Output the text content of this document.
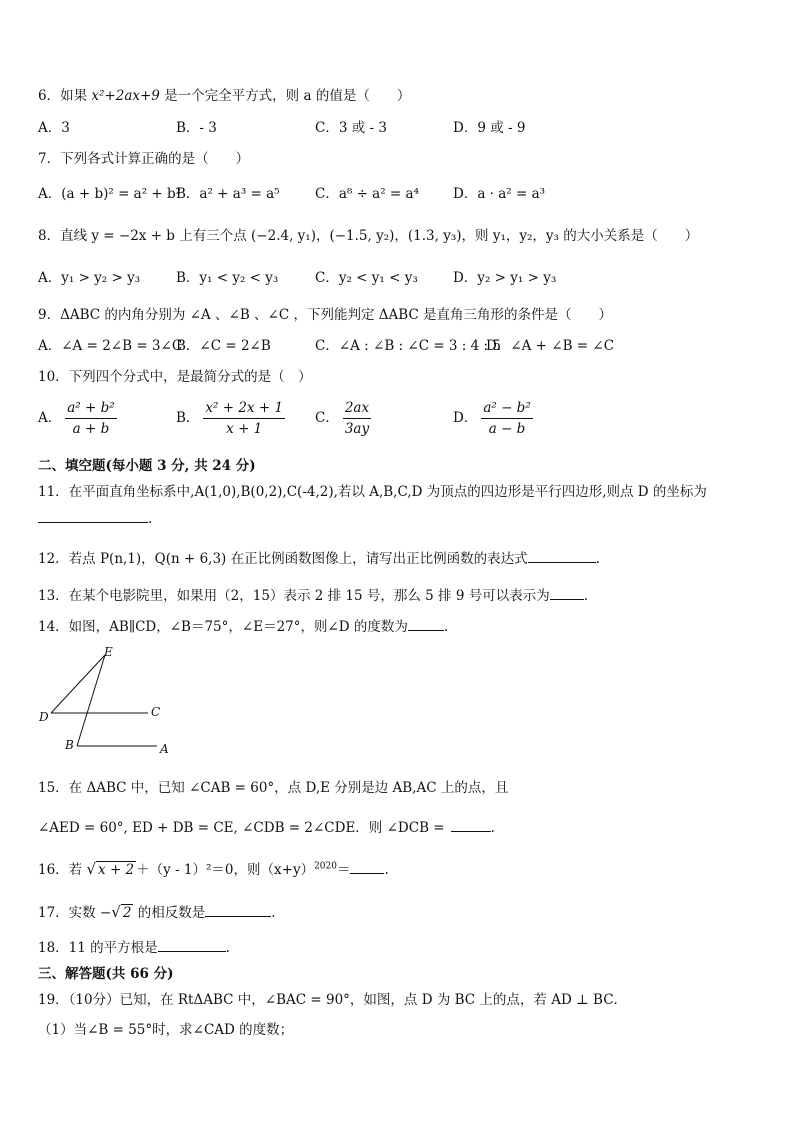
6．如果 x²+2ax+9 是一个完全平方式，则 a 的值是（　　）
A．3	B．- 3	C．3 或 - 3	D．9 或 - 9
7．下列各式计算正确的是（　　）
A．(a + b)² = a² + b²
B．a² + a³ = a⁵	C．a⁸ ÷ a² = a⁴	D．a · a² = a³
8．直线 y = −2x + b 上有三个点 (−2.4, y₁)，(−1.5, y₂)，(1.3, y₃)，则 y₁，y₂，y₃ 的大小关系是（　　）
A．y₁ > y₂ > y₃	B．y₁ < y₂ < y₃	C．y₂ < y₁ < y₃	D．y₂ > y₁ > y₃
9．ΔABC 的内角分别为 ∠A 、∠B 、∠C ，下列能判定 ΔABC 是直角三角形的条件是（　　）
A．∠A = 2∠B = 3∠C
B．∠C = 2∠B	C．∠A : ∠B : ∠C = 3 : 4 : 5
D．∠A + ∠B = ∠C
10．下列四个分式中，是最简分式的是（　）
A． $\frac{\text{a² + b²}}{a + b}$	B． $\frac{\text{x² + 2x + 1}}{x + 1}$ C． $\frac{2ax}{3ay}$	D． $\frac{\text{a² − b²}}{a - b}$
二、填空题(每小题 3 分, 共 24 分)
11．在平面直角坐标系中,A(1,0),B(0,2),C(-4,2),若以 A,B,C,D 为顶点的四边形是平行四边形,则点 D 的坐标为
.
12．若点 P(n,1)，Q(n + 6,3) 在正比例函数图像上，请写出正比例函数的表达式	.
13．在某个电影院里，如果用（2，15）表示 2 排 15 号，那么 5 排 9 号可以表示为	.
14．如图，AB∥CD，∠B＝75°，∠E＝27°，则∠D 的度数为	.
E
D	C
B	A
15．在 ΔABC 中，已知 ∠CAB = 60°，点 D,E 分别是边 AB,AC 上的点，且
∠AED = 60°, ED + DB = CE, ∠CDB = 2∠CDE．则 ∠DCB =	.
16．若 √ x + 2 ＋（y - 1）²＝0，则$(x+y)^{2020}=$	.
17．实数 −√ 2 的相反数是	.
18．11 的平方根是	.
三、解答题(共 66 分)
19．（10分）已知，在 RtΔABC 中，∠BAC = 90°，如图，点 D 为 BC 上的点，若 AD ⊥ BC．
（1）当∠B = 55°时，求∠CAD 的度数；
